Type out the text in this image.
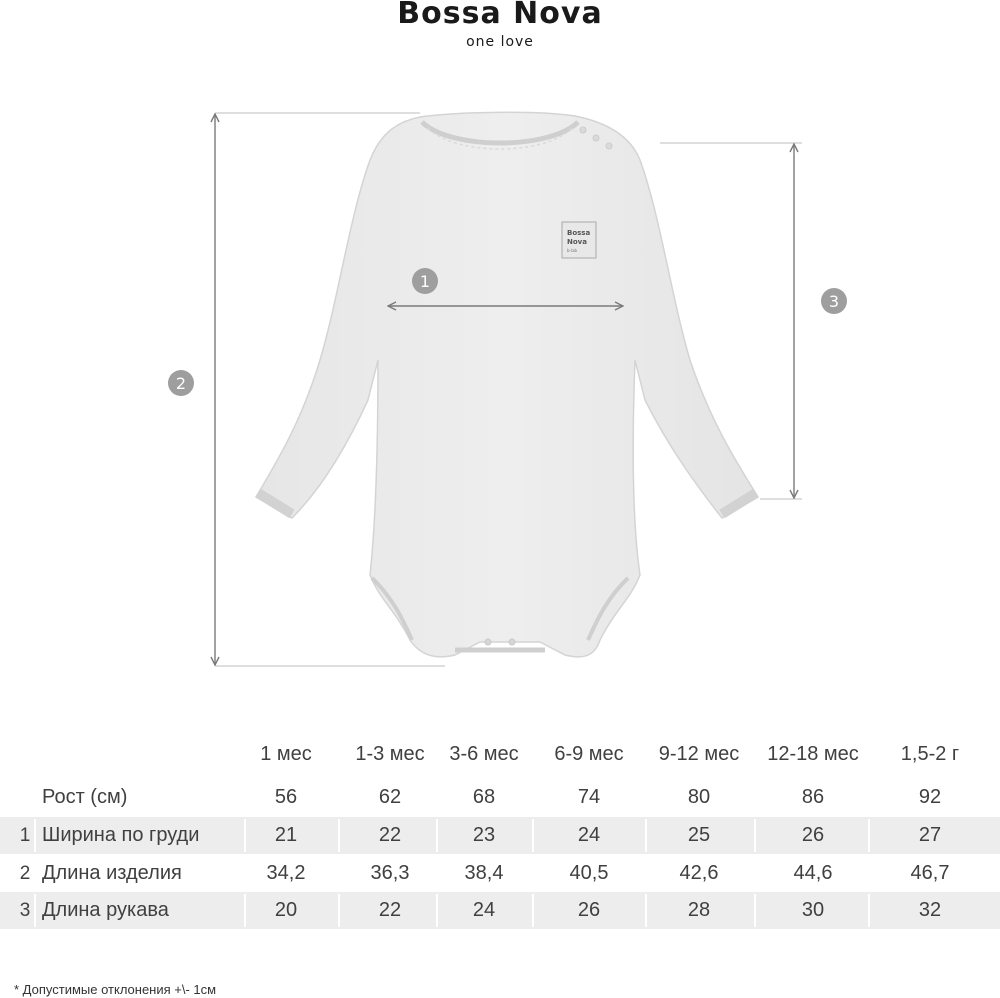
Bossa Nova
one love
Bossa
Nova
b-lab
1
2
3
1 мес	1-3 мес	3-6 мес	6-9 мес	9-12 мес	12-18 мес	1,5-2 г
Рост (см)	56	62	68	74	80	86	92
1 Ширина по груди	21	22	23	24	25	26	27
2 Длина изделия	34,2	36,3	38,4	40,5	42,6	44,6	46,7
3 Длина рукава	20	22	24	26	28	30	32
* Допустимые отклонения +\- 1см
